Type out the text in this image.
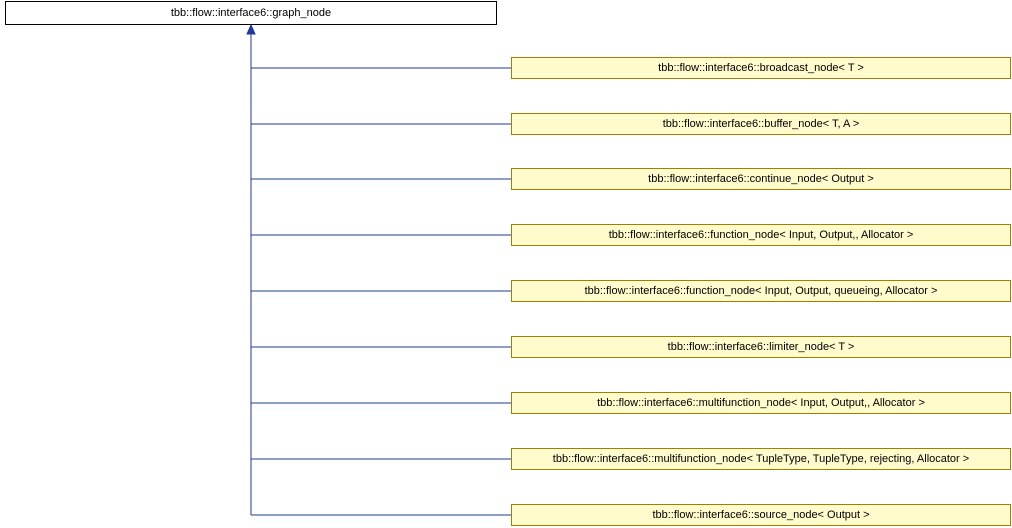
tbb::flow::interface6::graph_node
tbb::flow::interface6::broadcast_node< T >
tbb::flow::interface6::buffer_node< T, A >
tbb::flow::interface6::continue_node< Output >
tbb::flow::interface6::function_node< Input, Output,, Allocator >
tbb::flow::interface6::function_node< Input, Output, queueing, Allocator >
tbb::flow::interface6::limiter_node< T >
tbb::flow::interface6::multifunction_node< Input, Output,, Allocator >
tbb::flow::interface6::multifunction_node< TupleType, TupleType, rejecting, Allocator >
tbb::flow::interface6::source_node< Output >
